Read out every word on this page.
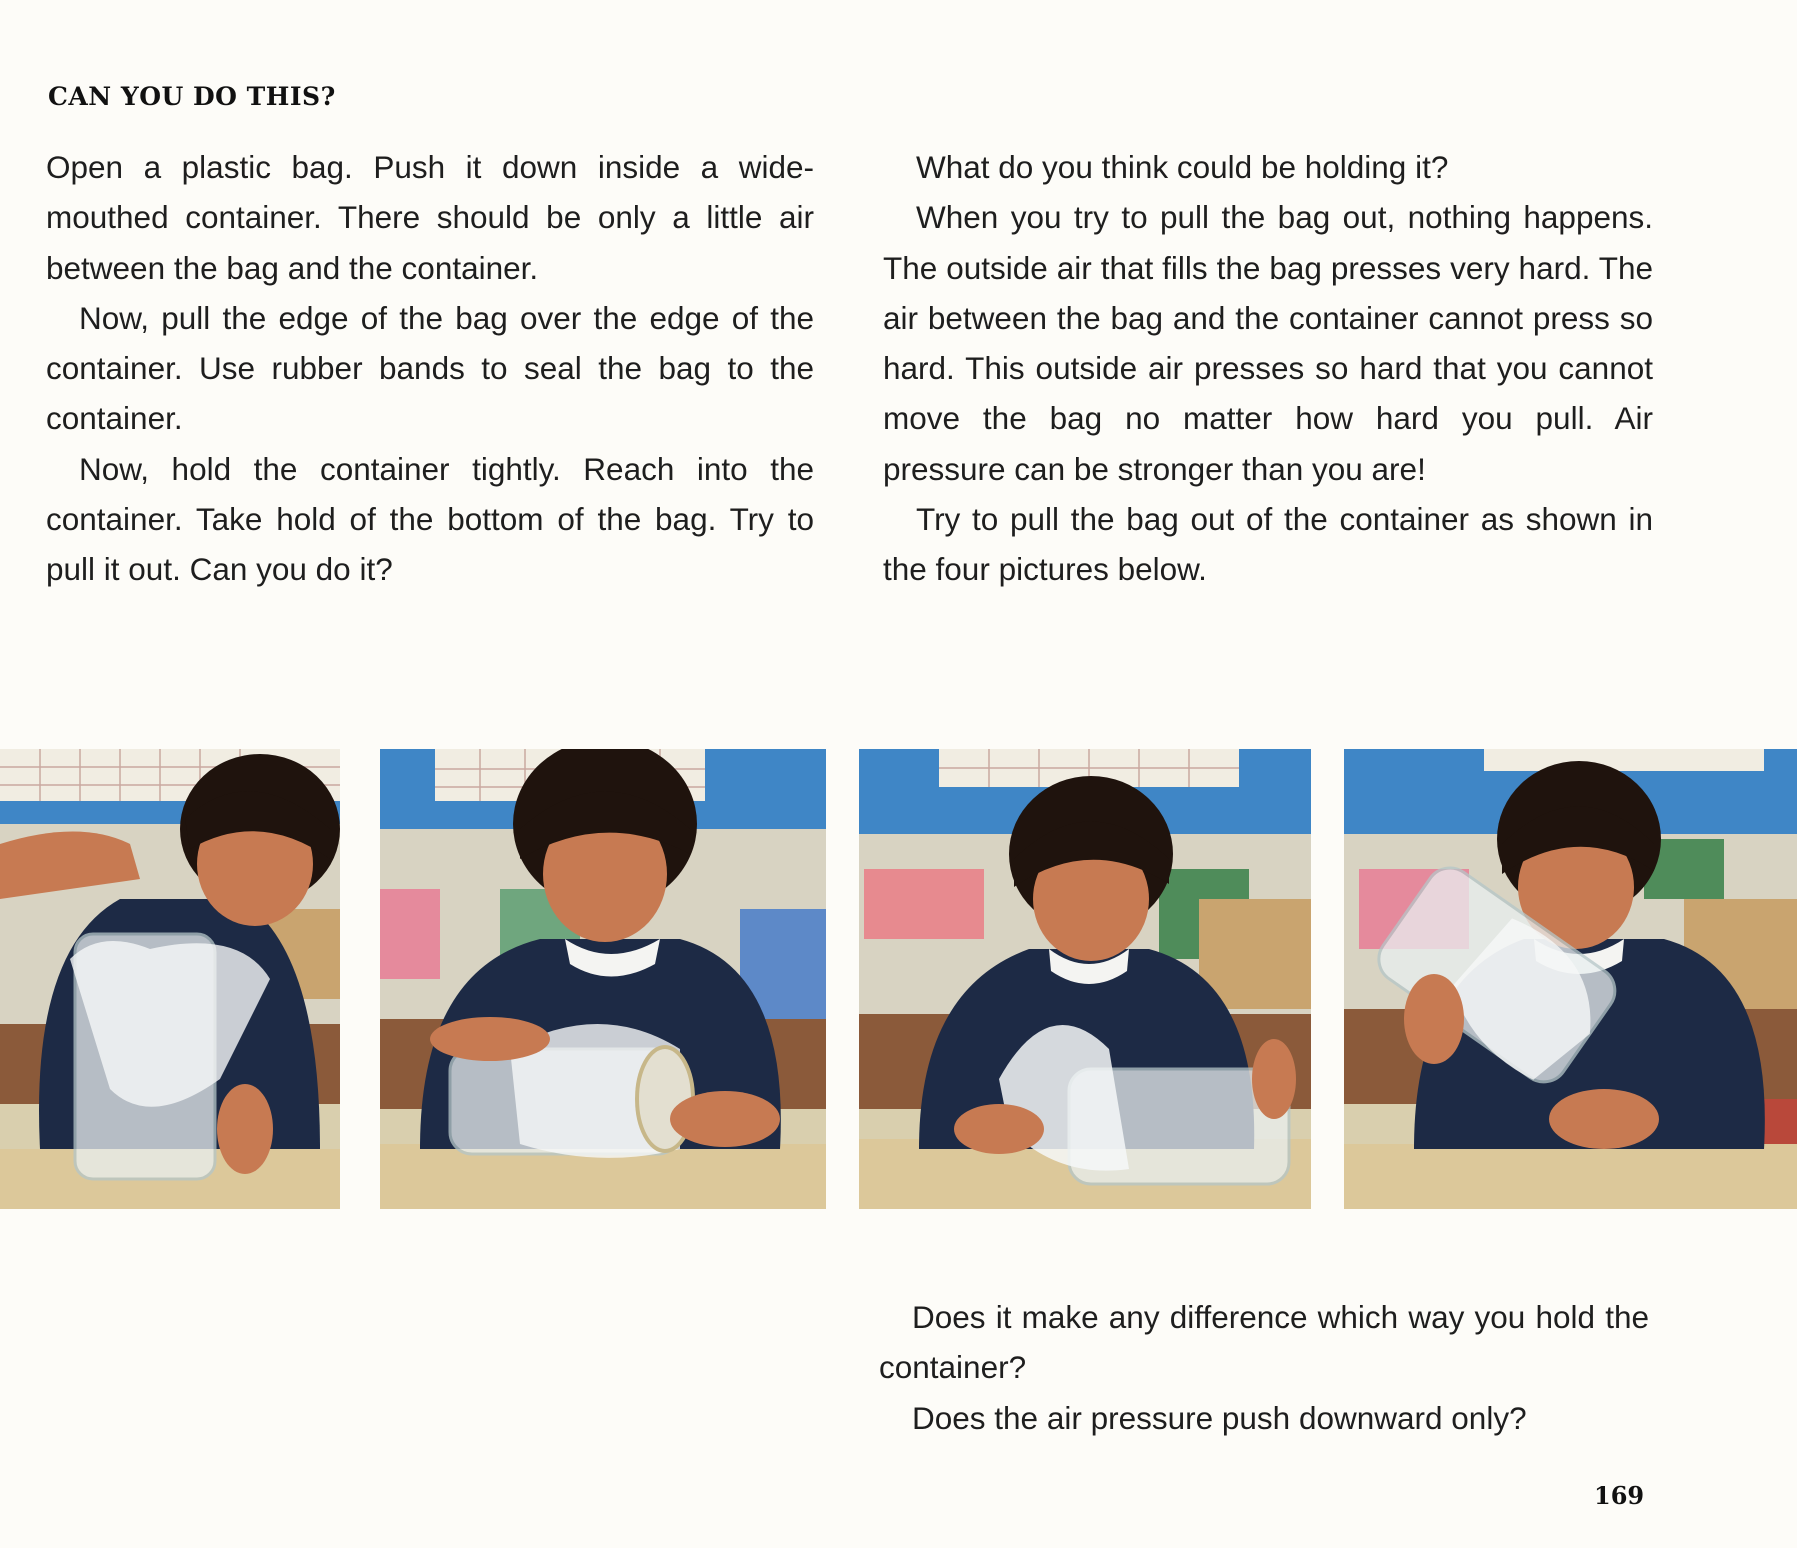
CAN YOU DO THIS?

Open a plastic bag. Push it down inside a wide-mouthed container. There should be only a little air between the bag and the container.

Now, pull the edge of the bag over the edge of the container. Use rubber bands to seal the bag to the container.

Now, hold the container tightly. Reach into the container. Take hold of the bottom of the bag. Try to pull it out. Can you do it?

What do you think could be holding it?

When you try to pull the bag out, nothing happens. The outside air that fills the bag presses very hard. The air between the bag and the container cannot press so hard. This outside air presses so hard that you cannot move the bag no matter how hard you pull. Air pressure can be stronger than you are!

Try to pull the bag out of the container as shown in the four pictures below.

Does it make any difference which way you hold the container?

Does the air pressure push downward only?

169
